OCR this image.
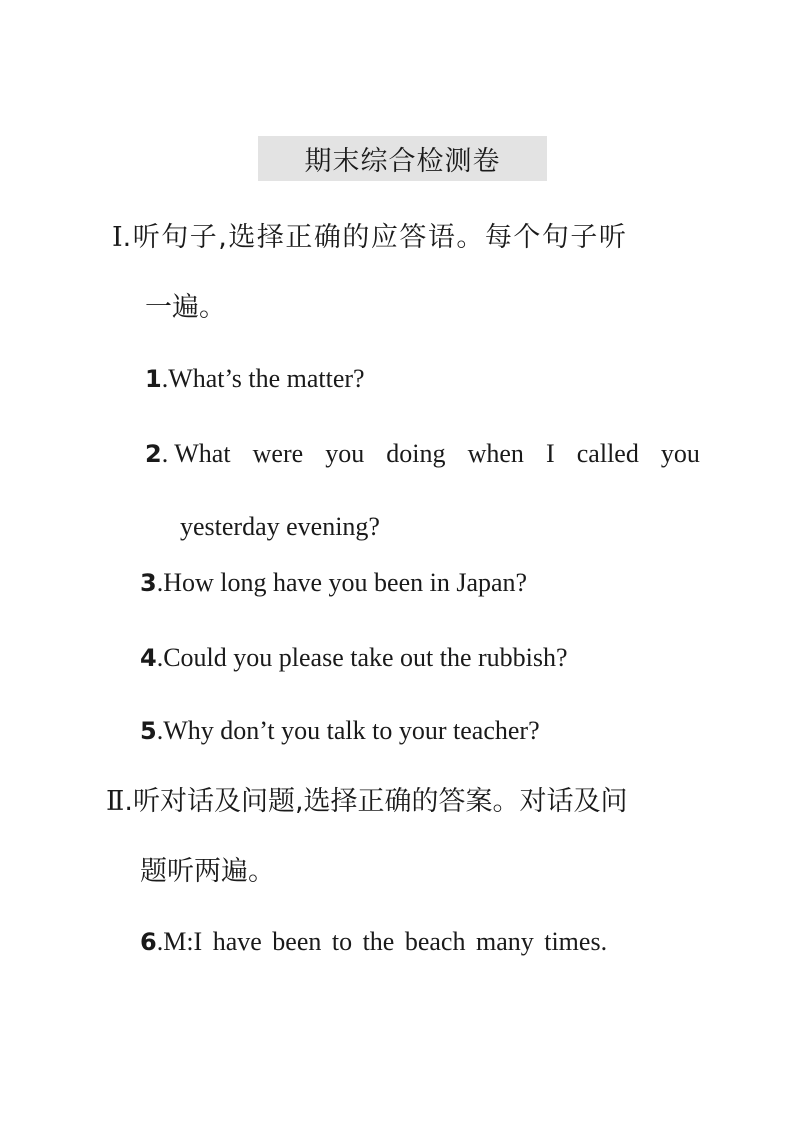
期末综合检测卷
Ⅰ.听句子,选择正确的应答语。每个句子听
一遍。
1.What’s the matter?
2. What were you doing when I called you
yesterday evening?
3.How long have you been in Japan?
4.Could you please take out the rubbish?
5.Why don’t you talk to your teacher?
Ⅱ.听对话及问题,选择正确的答案。对话及问
题听两遍。
6.M:I have been to the beach many times.
